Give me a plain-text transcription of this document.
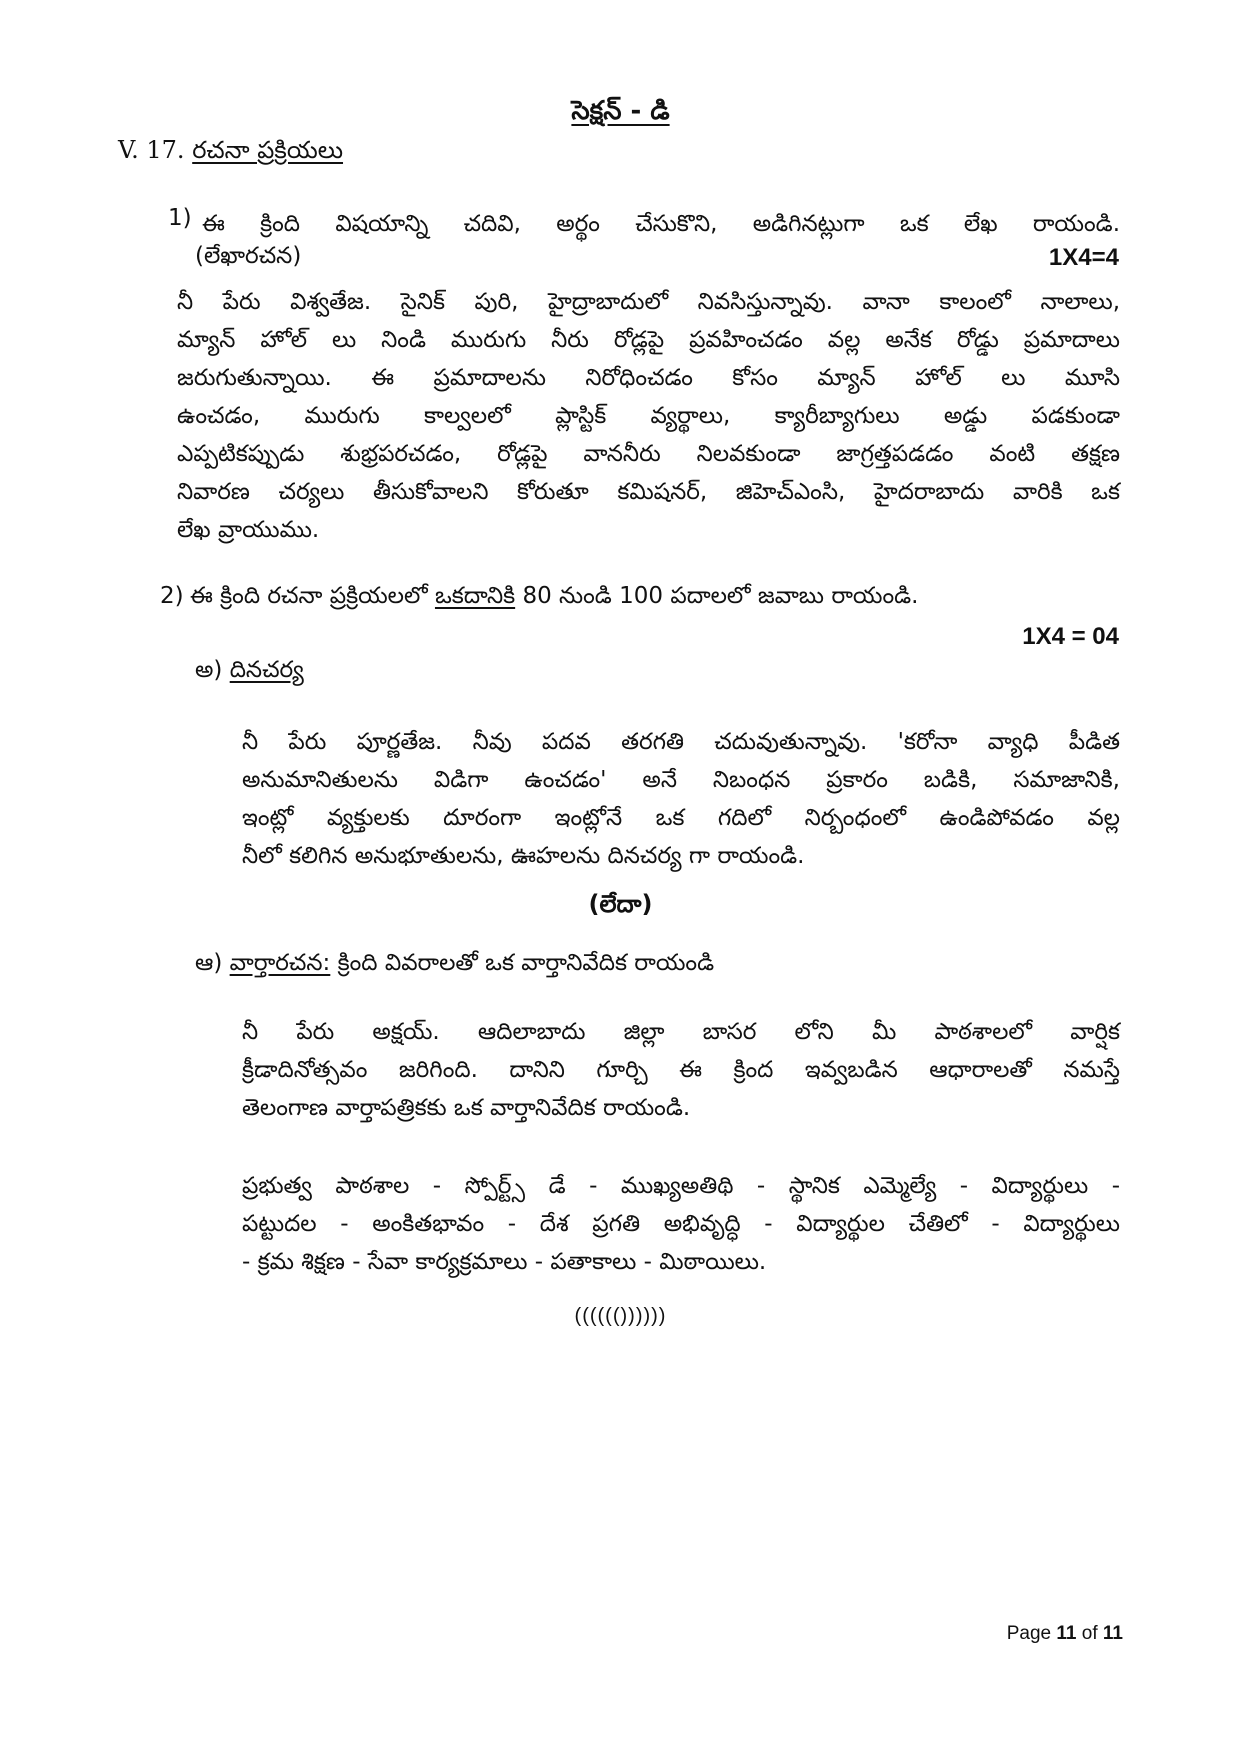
సెక్షన్ - డి
V. 17. రచనా ప్రక్రియలు
1) ఈ క్రింది విషయాన్ని చదివి, అర్థం చేసుకొని, అడిగినట్లుగా ఒక లేఖ రాయండి.
(లేఖారచన)	1X4=4
నీ పేరు విశ్వతేజ. సైనిక్ పురి, హైద్రాబాదులో నివసిస్తున్నావు. వానా కాలంలో నాలాలు,
మ్యాన్ హోల్ లు నిండి మురుగు నీరు రోడ్లపై ప్రవహించడం వల్ల అనేక రోడ్డు ప్రమాదాలు
జరుగుతున్నాయి. ఈ ప్రమాదాలను నిరోధించడం కోసం మ్యాన్ హోల్ లు మూసి
ఉంచడం, మురుగు కాల్వలలో ప్లాస్టిక్ వ్యర్థాలు, క్యారీబ్యాగులు అడ్డు పడకుండా
ఎప్పటికప్పుడు శుభ్రపరచడం, రోడ్లపై వాననీరు నిలవకుండా జాగ్రత్తపడడం వంటి తక్షణ
నివారణ చర్యలు తీసుకోవాలని కోరుతూ కమిషనర్, జిహెచ్ఎంసి, హైదరాబాదు వారికి ఒక
లేఖ వ్రాయుము.
2) ఈ క్రింది రచనా ప్రక్రియలలో ఒకదానికి 80 నుండి 100 పదాలలో జవాబు రాయండి.
1X4 = 04
అ) దినచర్య
నీ పేరు పూర్ణతేజ. నీవు పదవ తరగతి చదువుతున్నావు. 'కరోనా వ్యాధి పీడిత
అనుమానితులను విడిగా ఉంచడం' అనే నిబంధన ప్రకారం బడికి, సమాజానికి,
ఇంట్లో వ్యక్తులకు దూరంగా ఇంట్లోనే ఒక గదిలో నిర్బంధంలో ఉండిపోవడం వల్ల
నీలో కలిగిన అనుభూతులను, ఊహలను దినచర్య గా రాయండి.
(లేదా)
ఆ) వార్తారచన: క్రింది వివరాలతో ఒక వార్తానివేదిక రాయండి
నీ పేరు అక్షయ్. ఆదిలాబాదు జిల్లా బాసర లోని మీ పాఠశాలలో వార్షిక
క్రీడాదినోత్సవం జరిగింది. దానిని గూర్చి ఈ క్రింద ఇవ్వబడిన ఆధారాలతో నమస్తే
తెలంగాణ వార్తాపత్రికకు ఒక వార్తానివేదిక రాయండి.
ప్రభుత్వ పాఠశాల - స్పోర్ట్స్ డే - ముఖ్యఅతిథి - స్థానిక ఎమ్మెల్యే - విద్యార్థులు -
పట్టుదల - అంకితభావం - దేశ ప్రగతి అభివృద్ధి - విద్యార్థుల చేతిలో - విద్యార్థులు
- క్రమ శిక్షణ - సేవా కార్యక్రమాలు - పతాకాలు - మిఠాయిలు.
(((((())))))
Page 11 of 11
